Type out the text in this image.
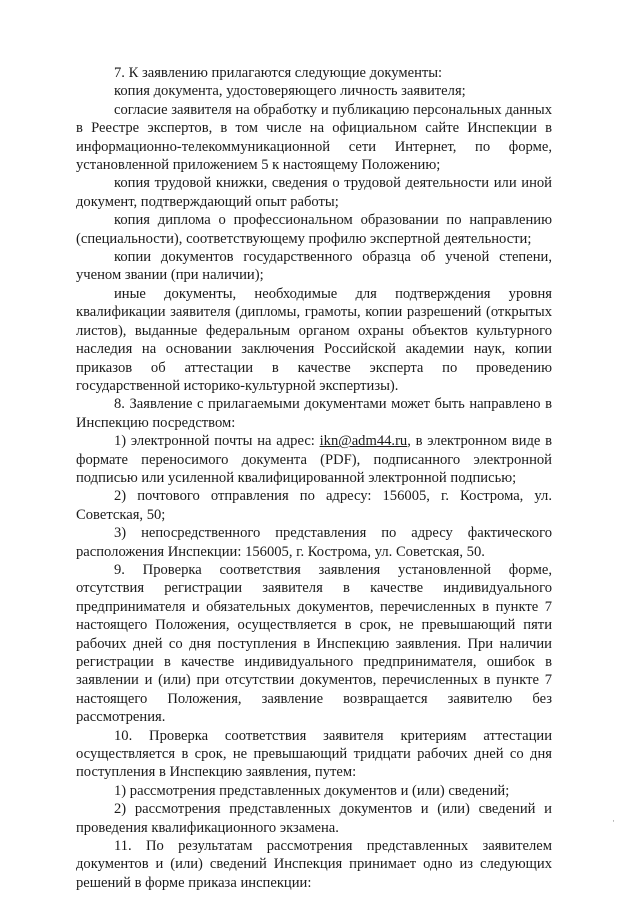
7. К заявлению прилагаются следующие документы:

копия документа, удостоверяющего личность заявителя;

согласие заявителя на обработку и публикацию персональных данных в Реестре экспертов, в том числе на официальном сайте Инспекции в информационно-телекоммуникационной сети Интернет, по форме, установленной приложением 5 к настоящему Положению;

копия трудовой книжки, сведения о трудовой деятельности или иной документ, подтверждающий опыт работы;

копия диплома о профессиональном образовании по направлению (специальности), соответствующему профилю экспертной деятельности;

копии документов государственного образца об ученой степени, ученом звании (при наличии);

иные документы, необходимые для подтверждения уровня квалификации заявителя (дипломы, грамоты, копии разрешений (открытых листов), выданные федеральным органом охраны объектов культурного наследия на основании заключения Российской академии наук, копии приказов об аттестации в качестве эксперта по проведению государственной историко-культурной экспертизы).

8. Заявление с прилагаемыми документами может быть направлено в Инспекцию посредством:

1) электронной почты на адрес: ikn@adm44.ru, в электронном виде в формате переносимого документа (PDF), подписанного электронной подписью или усиленной квалифицированной электронной подписью;

2) почтового отправления по адресу: 156005, г. Кострома, ул. Советская, 50;

3) непосредственного представления по адресу фактического расположения Инспекции: 156005, г. Кострома, ул. Советская, 50.

9. Проверка соответствия заявления установленной форме, отсутствия регистрации заявителя в качестве индивидуального предпринимателя и обязательных документов, перечисленных в пункте 7 настоящего Положения, осуществляется в срок, не превышающий пяти рабочих дней со дня поступления в Инспекцию заявления. При наличии регистрации в качестве индивидуального предпринимателя, ошибок в заявлении и (или) при отсутствии документов, перечисленных в пункте 7 настоящего Положения, заявление возвращается заявителю без рассмотрения.

10. Проверка соответствия заявителя критериям аттестации осуществляется в срок, не превышающий тридцати рабочих дней со дня поступления в Инспекцию заявления, путем:

1) рассмотрения представленных документов и (или) сведений;

2) рассмотрения представленных документов и (или) сведений и проведения квалификационного экзамена.

11. По результатам рассмотрения представленных заявителем документов и (или) сведений Инспекция принимает одно из следующих решений в форме приказа инспекции:

·
